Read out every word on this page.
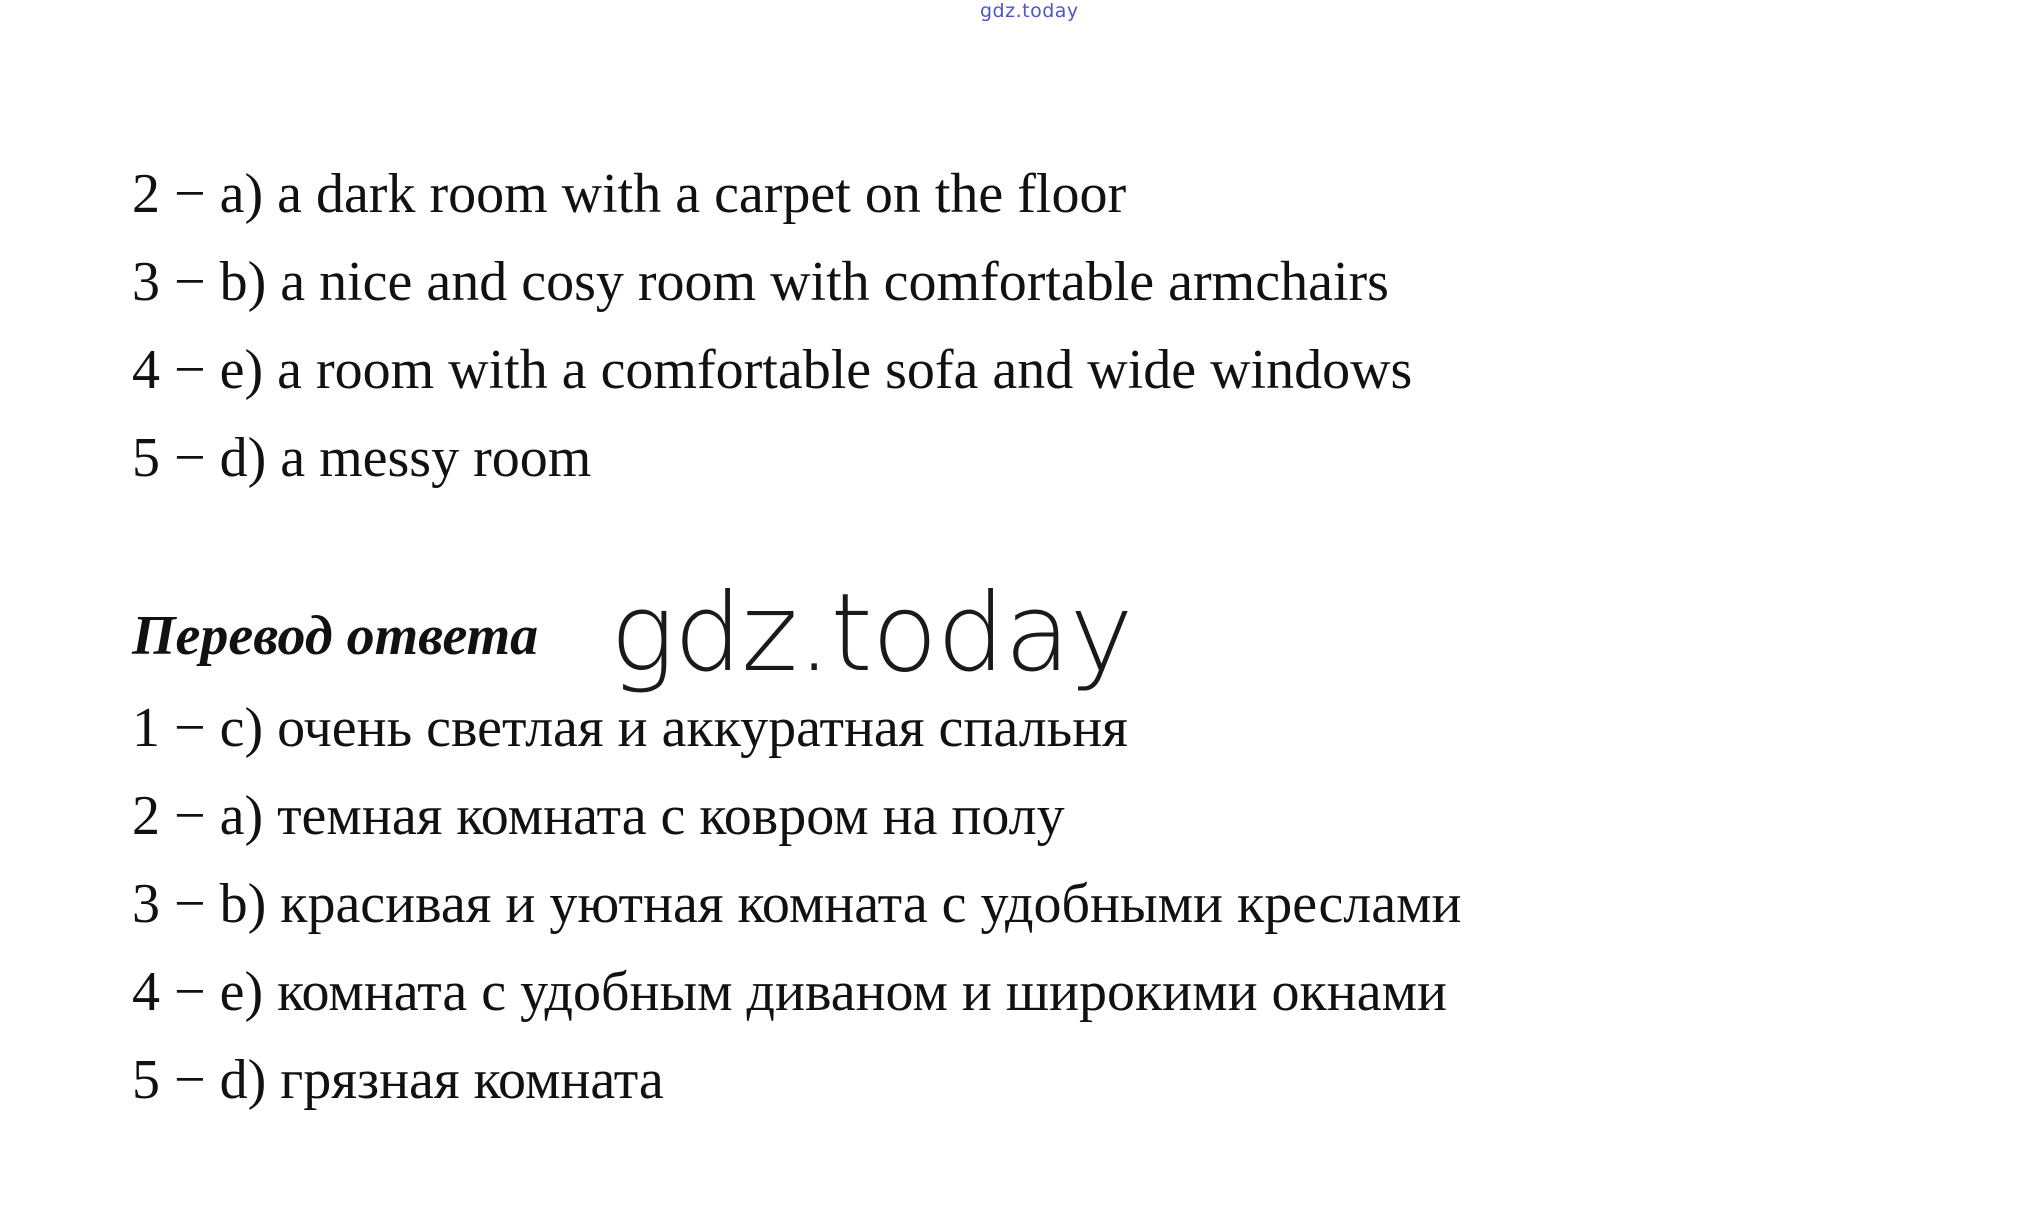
gdz.today
2 − a) a dark room with a carpet on the floor
3 − b) a nice and cosy room with comfortable armchairs
4 − e) a room with a comfortable sofa and wide windows
5 − d) a messy room
Перевод ответа gdz.today
1 − c) очень светлая и аккуратная спальня
2 − a) темная комната с ковром на полу
3 − b) красивая и уютная комната с удобными креслами
4 − e) комната с удобным диваном и широкими окнами
5 − d) грязная комната
